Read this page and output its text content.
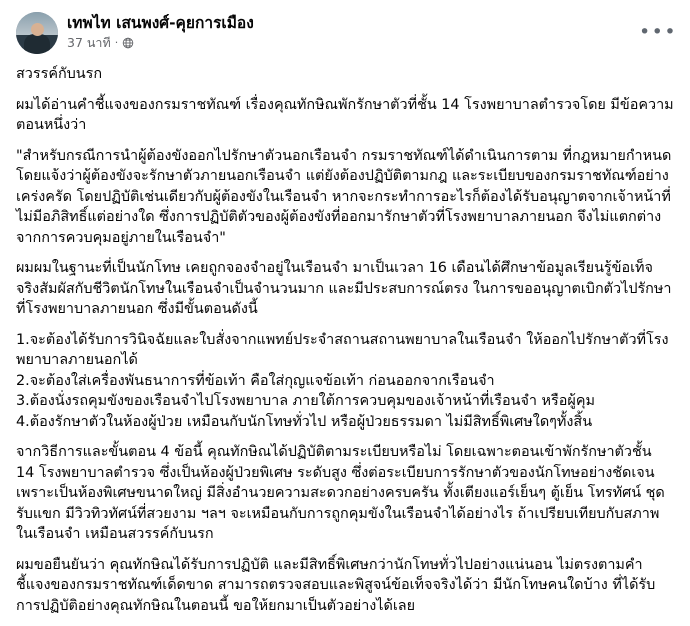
เทพไท เสนพงศ์-คุยการเมือง
37 นาที ·	•••

สวรรค์กับนรก

ผมได้อ่านคำชี้แจงของกรมราชทัณฑ์ เรื่องคุณทักษิณพักรักษาตัวที่ชั้น 14 โรงพยาบาลตำรวจโดย มีข้อความตอนหนึ่งว่า

"สำหรับกรณีการนำผู้ต้องขังออกไปรักษาตัวนอกเรือนจำ กรมราชทัณฑ์ได้ดำเนินการตาม ที่กฎหมายกำหนดโดยแจ้งว่าผู้ต้องขังจะรักษาตัวภายนอกเรือนจำ แต่ยังต้องปฏิบัติตามกฎ และระเบียบของกรมราชทัณฑ์อย่างเคร่งครัด โดยปฏิบัติเช่นเดียวกับผู้ต้องขังในเรือนจำ หากจะกระทำการอะไรก็ต้องได้รับอนุญาตจากเจ้าหน้าที่ไม่มีอภิสิทธิ์แต่อย่างใด ซึ่งการปฏิบัติตัวของผู้ต้องขังที่ออกมารักษาตัวที่โรงพยาบาลภายนอก จึงไม่แตกต่างจากการควบคุมอยู่ภายในเรือนจำ"

ผมผมในฐานะที่เป็นนักโทษ เคยถูกจองจำอยู่ในเรือนจำ มาเป็นเวลา 16 เดือนได้ศึกษาข้อมูลเรียนรู้ข้อเท็จจริงสัมผัสกับชีวิตนักโทษในเรือนจำเป็นจำนวนมาก และมีประสบการณ์ตรง ในการขออนุญาตเบิกตัวไปรักษา ที่โรงพยาบาลภายนอก ซึ่งมีขั้นตอนดังนี้

1.จะต้องได้รับการวินิจฉัยและใบสั่งจากแพทย์ประจำสถานสถานพยาบาลในเรือนจำ ให้ออกไปรักษาตัวที่โรงพยาบาลภายนอกได้

2.จะต้องใส่เครื่องพันธนาการที่ข้อเท้า คือใส่กุญแจข้อเท้า ก่อนออกจากเรือนจำ

3.ต้องนั่งรถคุมขังของเรือนจำไปโรงพยาบาล ภายใต้การควบคุมของเจ้าหน้าที่เรือนจำ หรือผู้คุม

4.ต้องรักษาตัวในห้องผู้ป่วย เหมือนกับนักโทษทั่วไป หรือผู้ป่วยธรรมดา ไม่มีสิทธิ์พิเศษใดๆทั้งสิ้น

จากวิธีการและขั้นตอน 4 ข้อนี้ คุณทักษิณได้ปฏิบัติตามระเบียบหรือไม่ โดยเฉพาะตอนเข้าพักรักษาตัวชั้น 14 โรงพยาบาลตำรวจ ซึ่งเป็นห้องผู้ป่วยพิเศษ ระดับสูง ซึ่งต่อระเบียบการรักษาตัวของนักโทษอย่างชัดเจน เพราะเป็นห้องพิเศษขนาดใหญ่ มีสิ่งอำนวยความสะดวกอย่างครบครัน ทั้งเตียงแอร์เย็นๆ ตู้เย็น โทรทัศน์ ชุดรับแขก มีวิวทิวทัศน์ที่สวยงาม ฯลฯ จะเหมือนกับการถูกคุมขังในเรือนจำได้อย่างไร ถ้าเปรียบเทียบกับสภาพในเรือนจำ เหมือนสวรรค์กับนรก

ผมขอยืนยันว่า คุณทักษิณได้รับการปฏิบัติ และมีสิทธิ์พิเศษกว่านักโทษทั่วไปอย่างแน่นอน ไม่ตรงตามคำชี้แจงของกรมราชทัณฑ์เด็ดขาด สามารถตรวจสอบและพิสูจน์ข้อเท็จจริงได้ว่า มีนักโทษคนใดบ้าง ที่ได้รับการปฏิบัติอย่างคุณทักษิณในตอนนี้ ขอให้ยกมาเป็นตัวอย่างได้เลย
